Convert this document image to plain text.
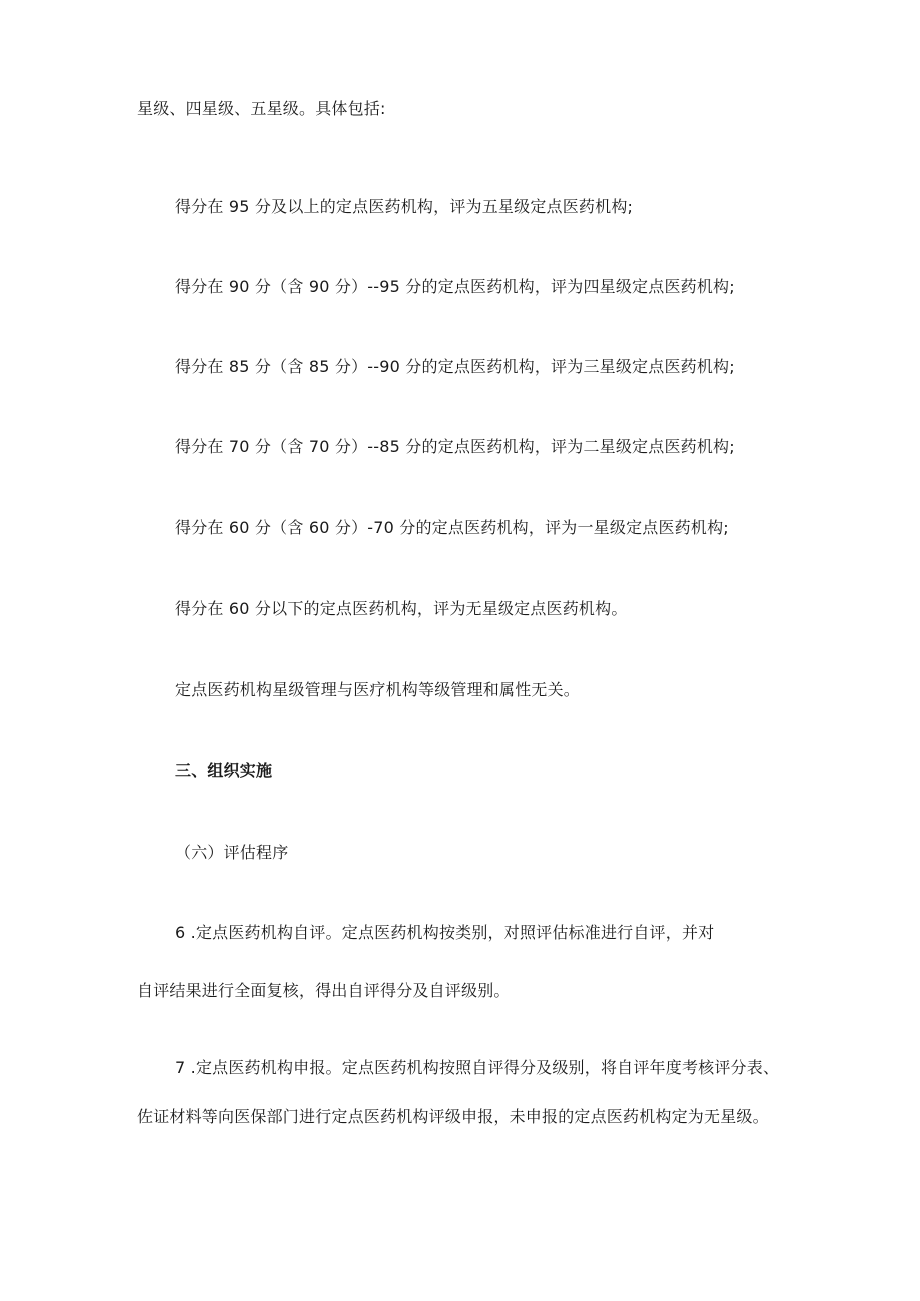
星级、四星级、五星级。具体包括:

得分在 95 分及以上的定点医药机构，评为五星级定点医药机构;

得分在 90 分（含 90 分）--95 分的定点医药机构，评为四星级定点医药机构;

得分在 85 分（含 85 分）--90 分的定点医药机构，评为三星级定点医药机构;

得分在 70 分（含 70 分）--85 分的定点医药机构，评为二星级定点医药机构;

得分在 60 分（含 60 分）-70 分的定点医药机构，评为一星级定点医药机构;

得分在 60 分以下的定点医药机构，评为无星级定点医药机构。

定点医药机构星级管理与医疗机构等级管理和属性无关。

三、组织实施

（六）评估程序

6 .定点医药机构自评。定点医药机构按类别，对照评估标准进行自评，并对

自评结果进行全面复核，得出自评得分及自评级别。

7 .定点医药机构申报。定点医药机构按照自评得分及级别，将自评年度考核评分表、

佐证材料等向医保部门进行定点医药机构评级申报，未申报的定点医药机构定为无星级。
